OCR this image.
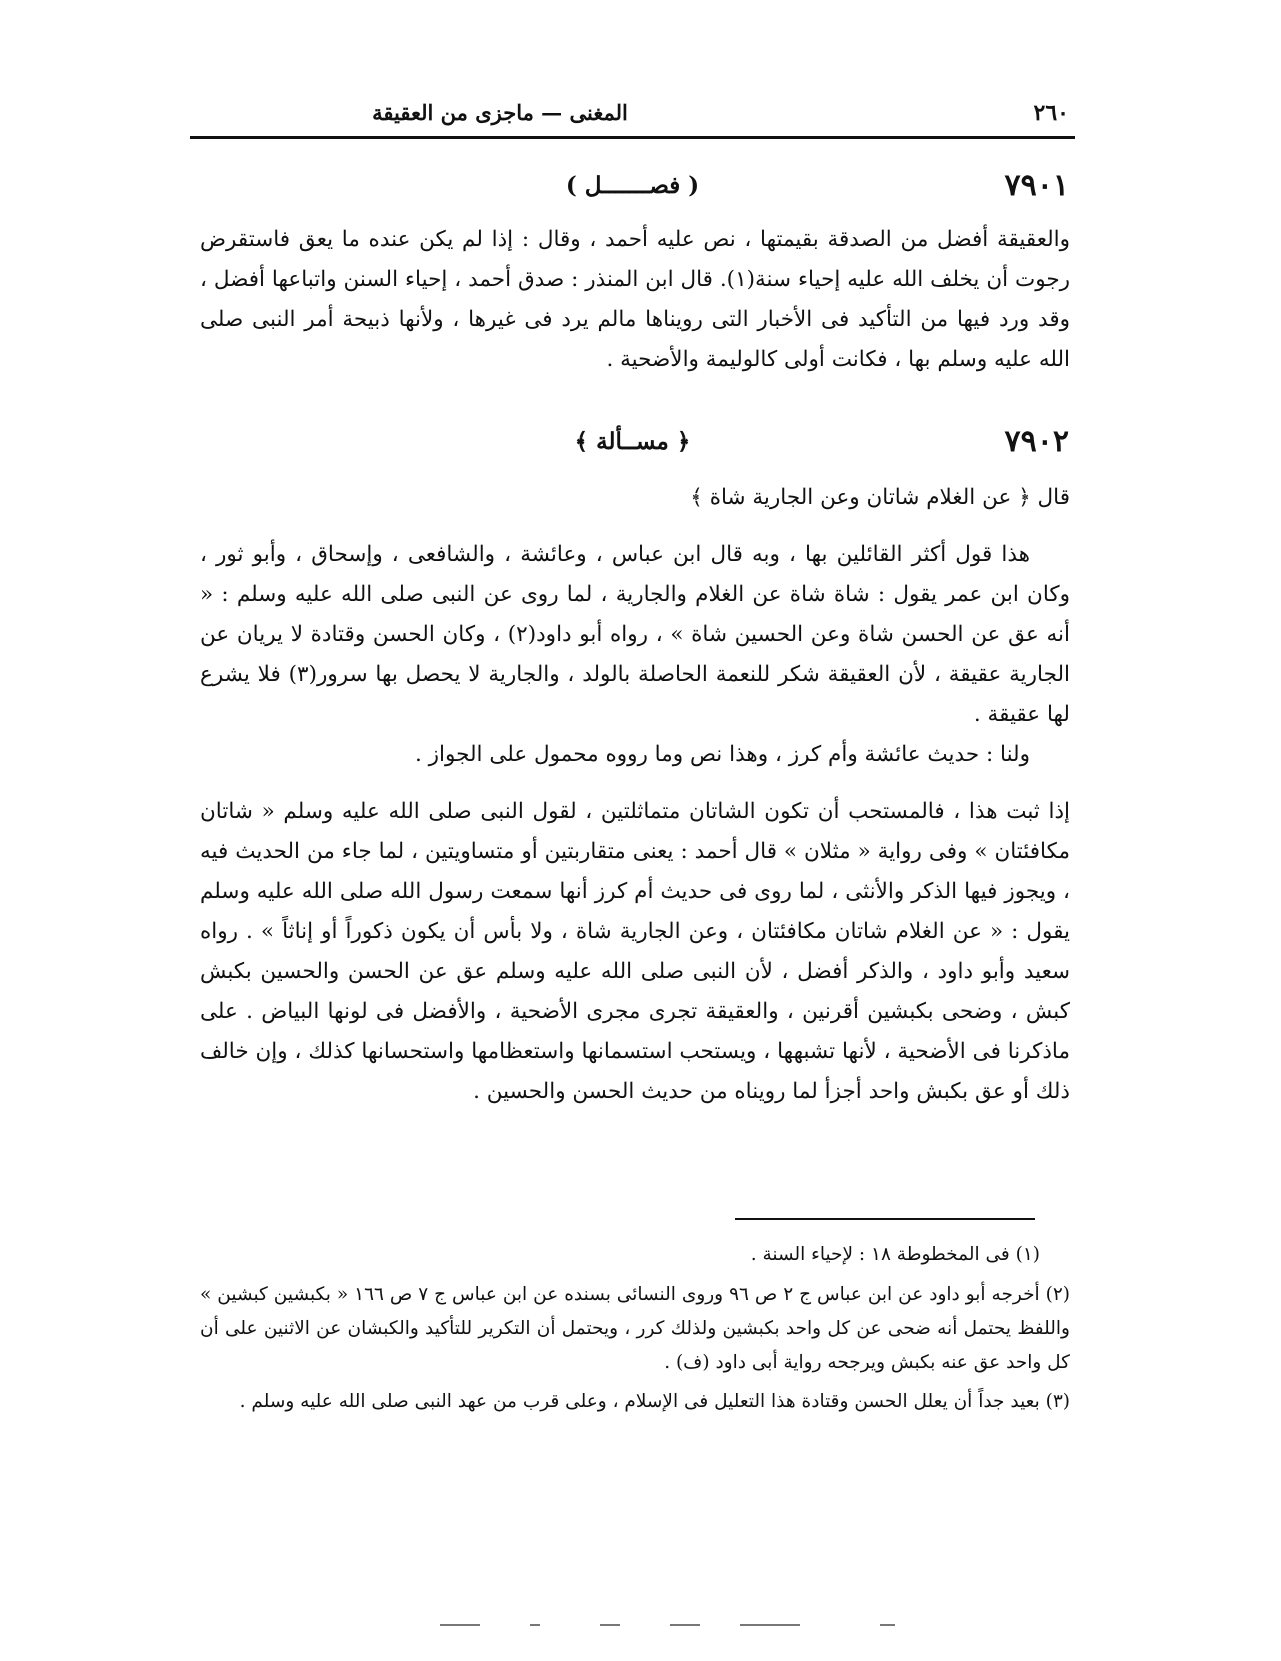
المغنى — ماجزى من العقيقة	٢٦٠
( فصـــــــل )	٧٩٠١

والعقيقة أفضل من الصدقة بقيمتها ، نص عليه أحمد ، وقال : إذا لم يكن عنده ما يعق فاستقرض رجوت أن يخلف الله عليه إحياء سنة(١). قال ابن المنذر : صدق أحمد ، إحياء السنن واتباعها أفضل ، وقد ورد فيها من التأكيد فى الأخبار التى رويناها مالم يرد فى غيرها ، ولأنها ذبيحة أمر النبى صلى الله عليه وسلم بها ، فكانت أولى كالوليمة والأضحية .

﴿ مســألة ﴾	٧٩٠٢

قال ﴿ عن الغلام شاتان وعن الجارية شاة ﴾

هذا قول أكثر القائلين بها ، وبه قال ابن عباس ، وعائشة ، والشافعى ، وإسحاق ، وأبو ثور ، وكان ابن عمر يقول : شاة شاة عن الغلام والجارية ، لما روى عن النبى صلى الله عليه وسلم : « أنه عق عن الحسن شاة وعن الحسين شاة » ، رواه أبو داود(٢) ، وكان الحسن وقتادة لا يريان عن الجارية عقيقة ، لأن العقيقة شكر للنعمة الحاصلة بالولد ، والجارية لا يحصل بها سرور(٣) فلا يشرع لها عقيقة .

ولنا : حديث عائشة وأم كرز ، وهذا نص وما رووه محمول على الجواز .

إذا ثبت هذا ، فالمستحب أن تكون الشاتان متماثلتين ، لقول النبى صلى الله عليه وسلم « شاتان مكافئتان » وفى رواية « مثلان » قال أحمد : يعنى متقاربتين أو متساويتين ، لما جاء من الحديث فيه ، ويجوز فيها الذكر والأنثى ، لما روى فى حديث أم كرز أنها سمعت رسول الله صلى الله عليه وسلم يقول : « عن الغلام شاتان مكافئتان ، وعن الجارية شاة ، ولا بأس أن يكون ذكوراً أو إناثاً » . رواه سعيد وأبو داود ، والذكر أفضل ، لأن النبى صلى الله عليه وسلم عق عن الحسن والحسين بكبش كبش ، وضحى بكبشين أقرنين ، والعقيقة تجرى مجرى الأضحية ، والأفضل فى لونها البياض . على ماذكرنا فى الأضحية ، لأنها تشبهها ، ويستحب استسمانها واستعظامها واستحسانها كذلك ، وإن خالف ذلك أو عق بكبش واحد أجزأ لما رويناه من حديث الحسن والحسين .

(١) فى المخطوطة ١٨ : لإحياء السنة .

(٢) أخرجه أبو داود عن ابن عباس ج ٢ ص ٩٦ وروى النسائى بسنده عن ابن عباس ج ٧ ص ١٦٦ « بكبشين كبشين » واللفظ يحتمل أنه ضحى عن كل واحد بكبشين ولذلك كرر ، ويحتمل أن التكرير للتأكيد والكبشان عن الاثنين على أن كل واحد عق عنه بكبش ويرجحه رواية أبى داود (ف) .

(٣) بعيد جداً أن يعلل الحسن وقتادة هذا التعليل فى الإسلام ، وعلى قرب من عهد النبى صلى الله عليه وسلم .
